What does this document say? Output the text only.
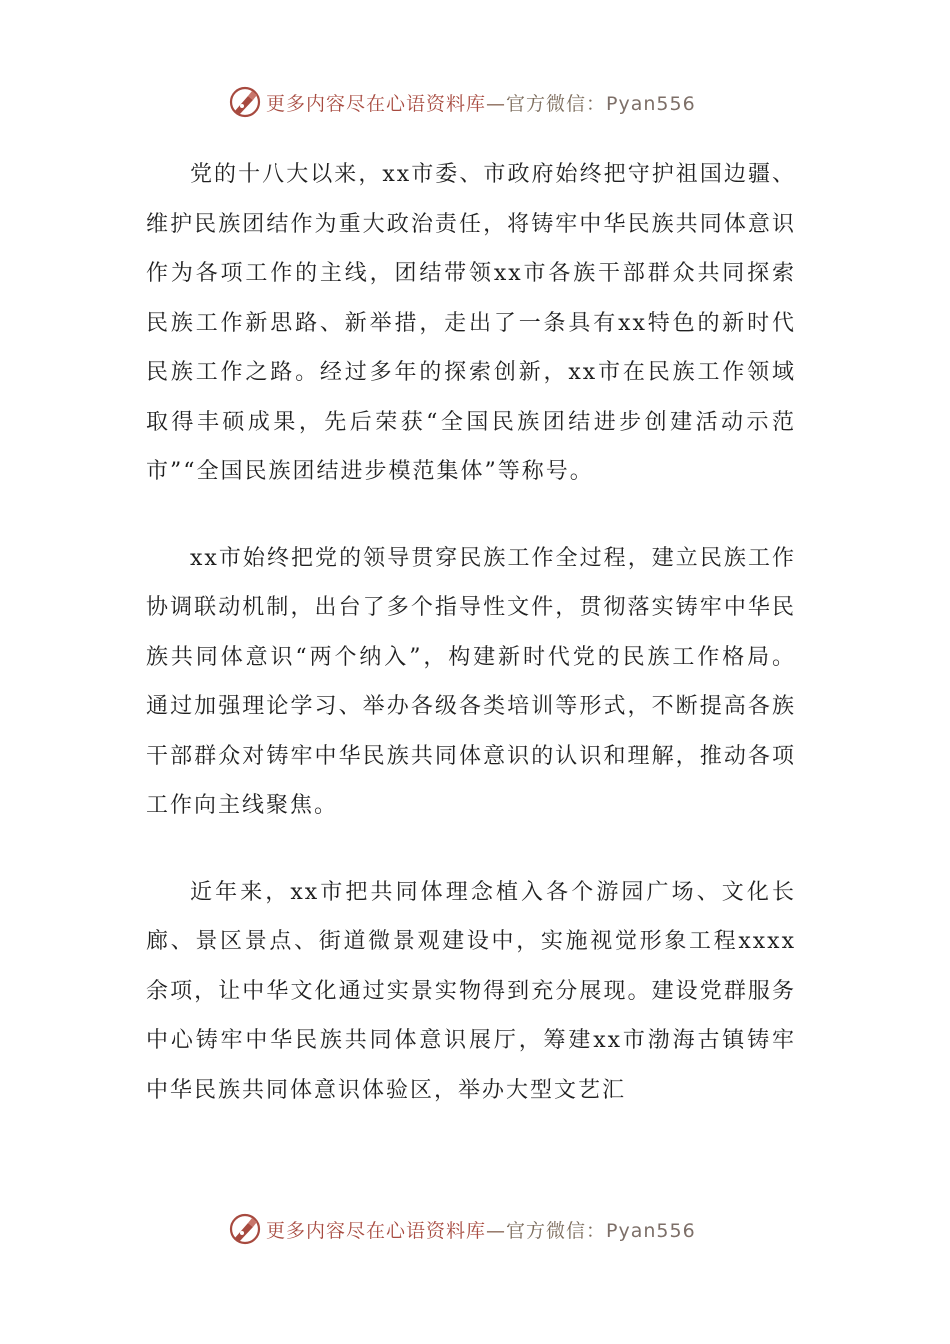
更多内容尽在心语资料库—官方微信：Pyan556

党的十八大以来，xx市委、市政府始终把守护祖国边疆、维护民族团结作为重大政治责任，将铸牢中华民族共同体意识作为各项工作的主线，团结带领xx市各族干部群众共同探索民族工作新思路、新举措，走出了一条具有xx特色的新时代民族工作之路。经过多年的探索创新，xx市在民族工作领域取得丰硕成果，先后荣获“全国民族团结进步创建活动示范市”“全国民族团结进步模范集体”等称号。

xx市始终把党的领导贯穿民族工作全过程，建立民族工作协调联动机制，出台了多个指导性文件，贯彻落实铸牢中华民族共同体意识“两个纳入”，构建新时代党的民族工作格局。通过加强理论学习、举办各级各类培训等形式，不断提高各族干部群众对铸牢中华民族共同体意识的认识和理解，推动各项工作向主线聚焦。

近年来，xx市把共同体理念植入各个游园广场、文化长廊、景区景点、街道微景观建设中，实施视觉形象工程xxxx余项，让中华文化通过实景实物得到充分展现。建设党群服务中心铸牢中华民族共同体意识展厅，筹建xx市渤海古镇铸牢中华民族共同体意识体验区，举办大型文艺汇

更多内容尽在心语资料库—官方微信：Pyan556
